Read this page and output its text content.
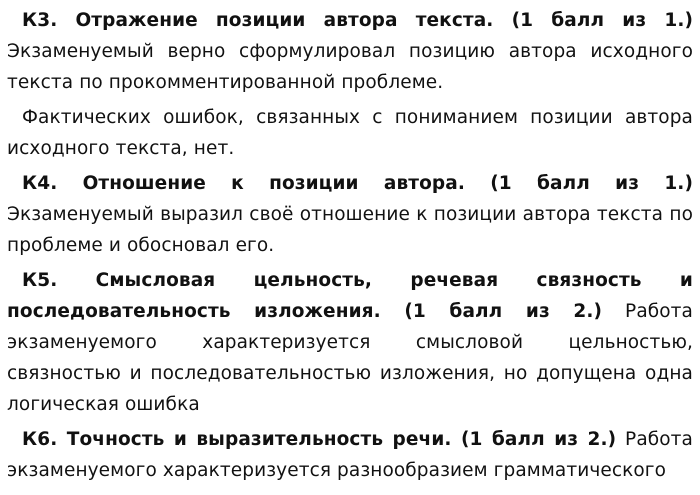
К3. Отражение позиции автора текста. (1 балл из 1.) Экзаменуемый верно сформулировал позицию автора исходного текста по прокомментированной проблеме.

Фактических ошибок, связанных с пониманием позиции автора исходного текста, нет.

К4. Отношение к позиции автора. (1 балл из 1.) Экзаменуемый выразил своё отношение к позиции автора текста по проблеме и обосновал его.

К5. Смысловая цельность, речевая связность и последовательность изложения. (1 балл из 2.) Работа экзаменуемого характеризуется смысловой цельностью, связностью и последовательностью изложения, но допущена одна логическая ошибка

К6. Точность и выразительность речи. (1 балл из 2.) Работа экзаменуемого характеризуется разнообразием грамматического
